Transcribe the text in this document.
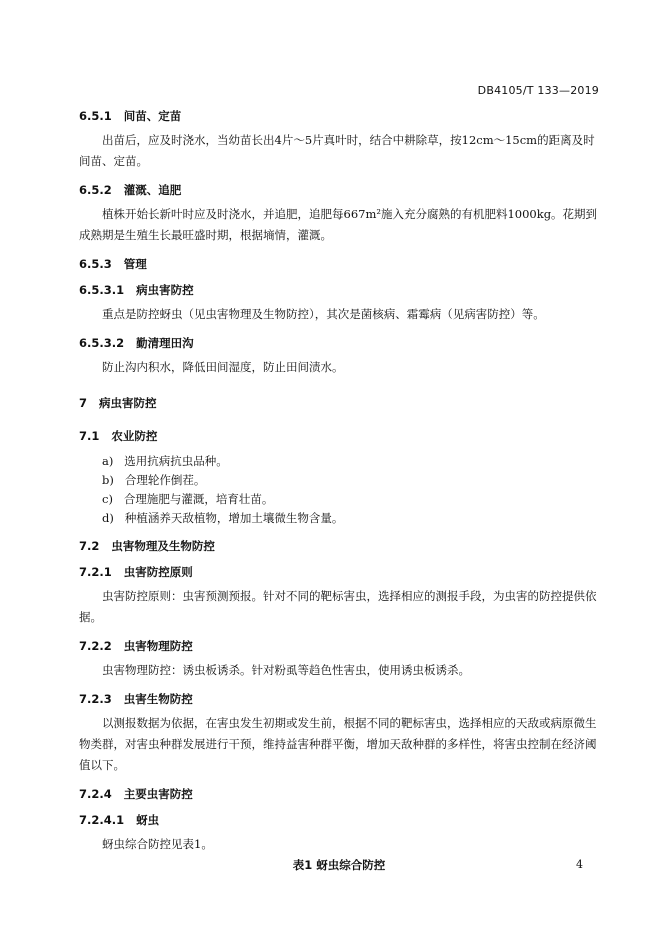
DB4105/T 133—2019
6.5.1   间苗、定苗
出苗后，应及时浇水，当幼苗长出4片～5片真叶时，结合中耕除草，按12cm～15cm的距离及时间苗、定苗。
6.5.2   灌溉、追肥
植株开始长新叶时应及时浇水，并追肥，追肥每667m²施入充分腐熟的有机肥料1000kg。花期到成熟期是生殖生长最旺盛时期，根据墒情，灌溉。
6.5.3   管理
6.5.3.1   病虫害防控
重点是防控蚜虫（见虫害物理及生物防控），其次是菌核病、霜霉病（见病害防控）等。
6.5.3.2   勤清理田沟
防止沟内积水，降低田间湿度，防止田间渍水。
7   病虫害防控
7.1   农业防控
a)   选用抗病抗虫品种。
b)   合理轮作倒茬。
c)   合理施肥与灌溉，培育壮苗。
d)   种植涵养天敌植物，增加土壤微生物含量。
7.2   虫害物理及生物防控
7.2.1   虫害防控原则
虫害防控原则：虫害预测预报。针对不同的靶标害虫，选择相应的测报手段，为虫害的防控提供依据。
7.2.2   虫害物理防控
虫害物理防控：诱虫板诱杀。针对粉虱等趋色性害虫，使用诱虫板诱杀。
7.2.3   虫害生物防控
以测报数据为依据，在害虫发生初期或发生前，根据不同的靶标害虫，选择相应的天敌或病原微生物类群，对害虫种群发展进行干预，维持益害种群平衡，增加天敌种群的多样性，将害虫控制在经济阈值以下。
7.2.4   主要虫害防控
7.2.4.1   蚜虫
蚜虫综合防控见表1。
表1 蚜虫综合防控	4
